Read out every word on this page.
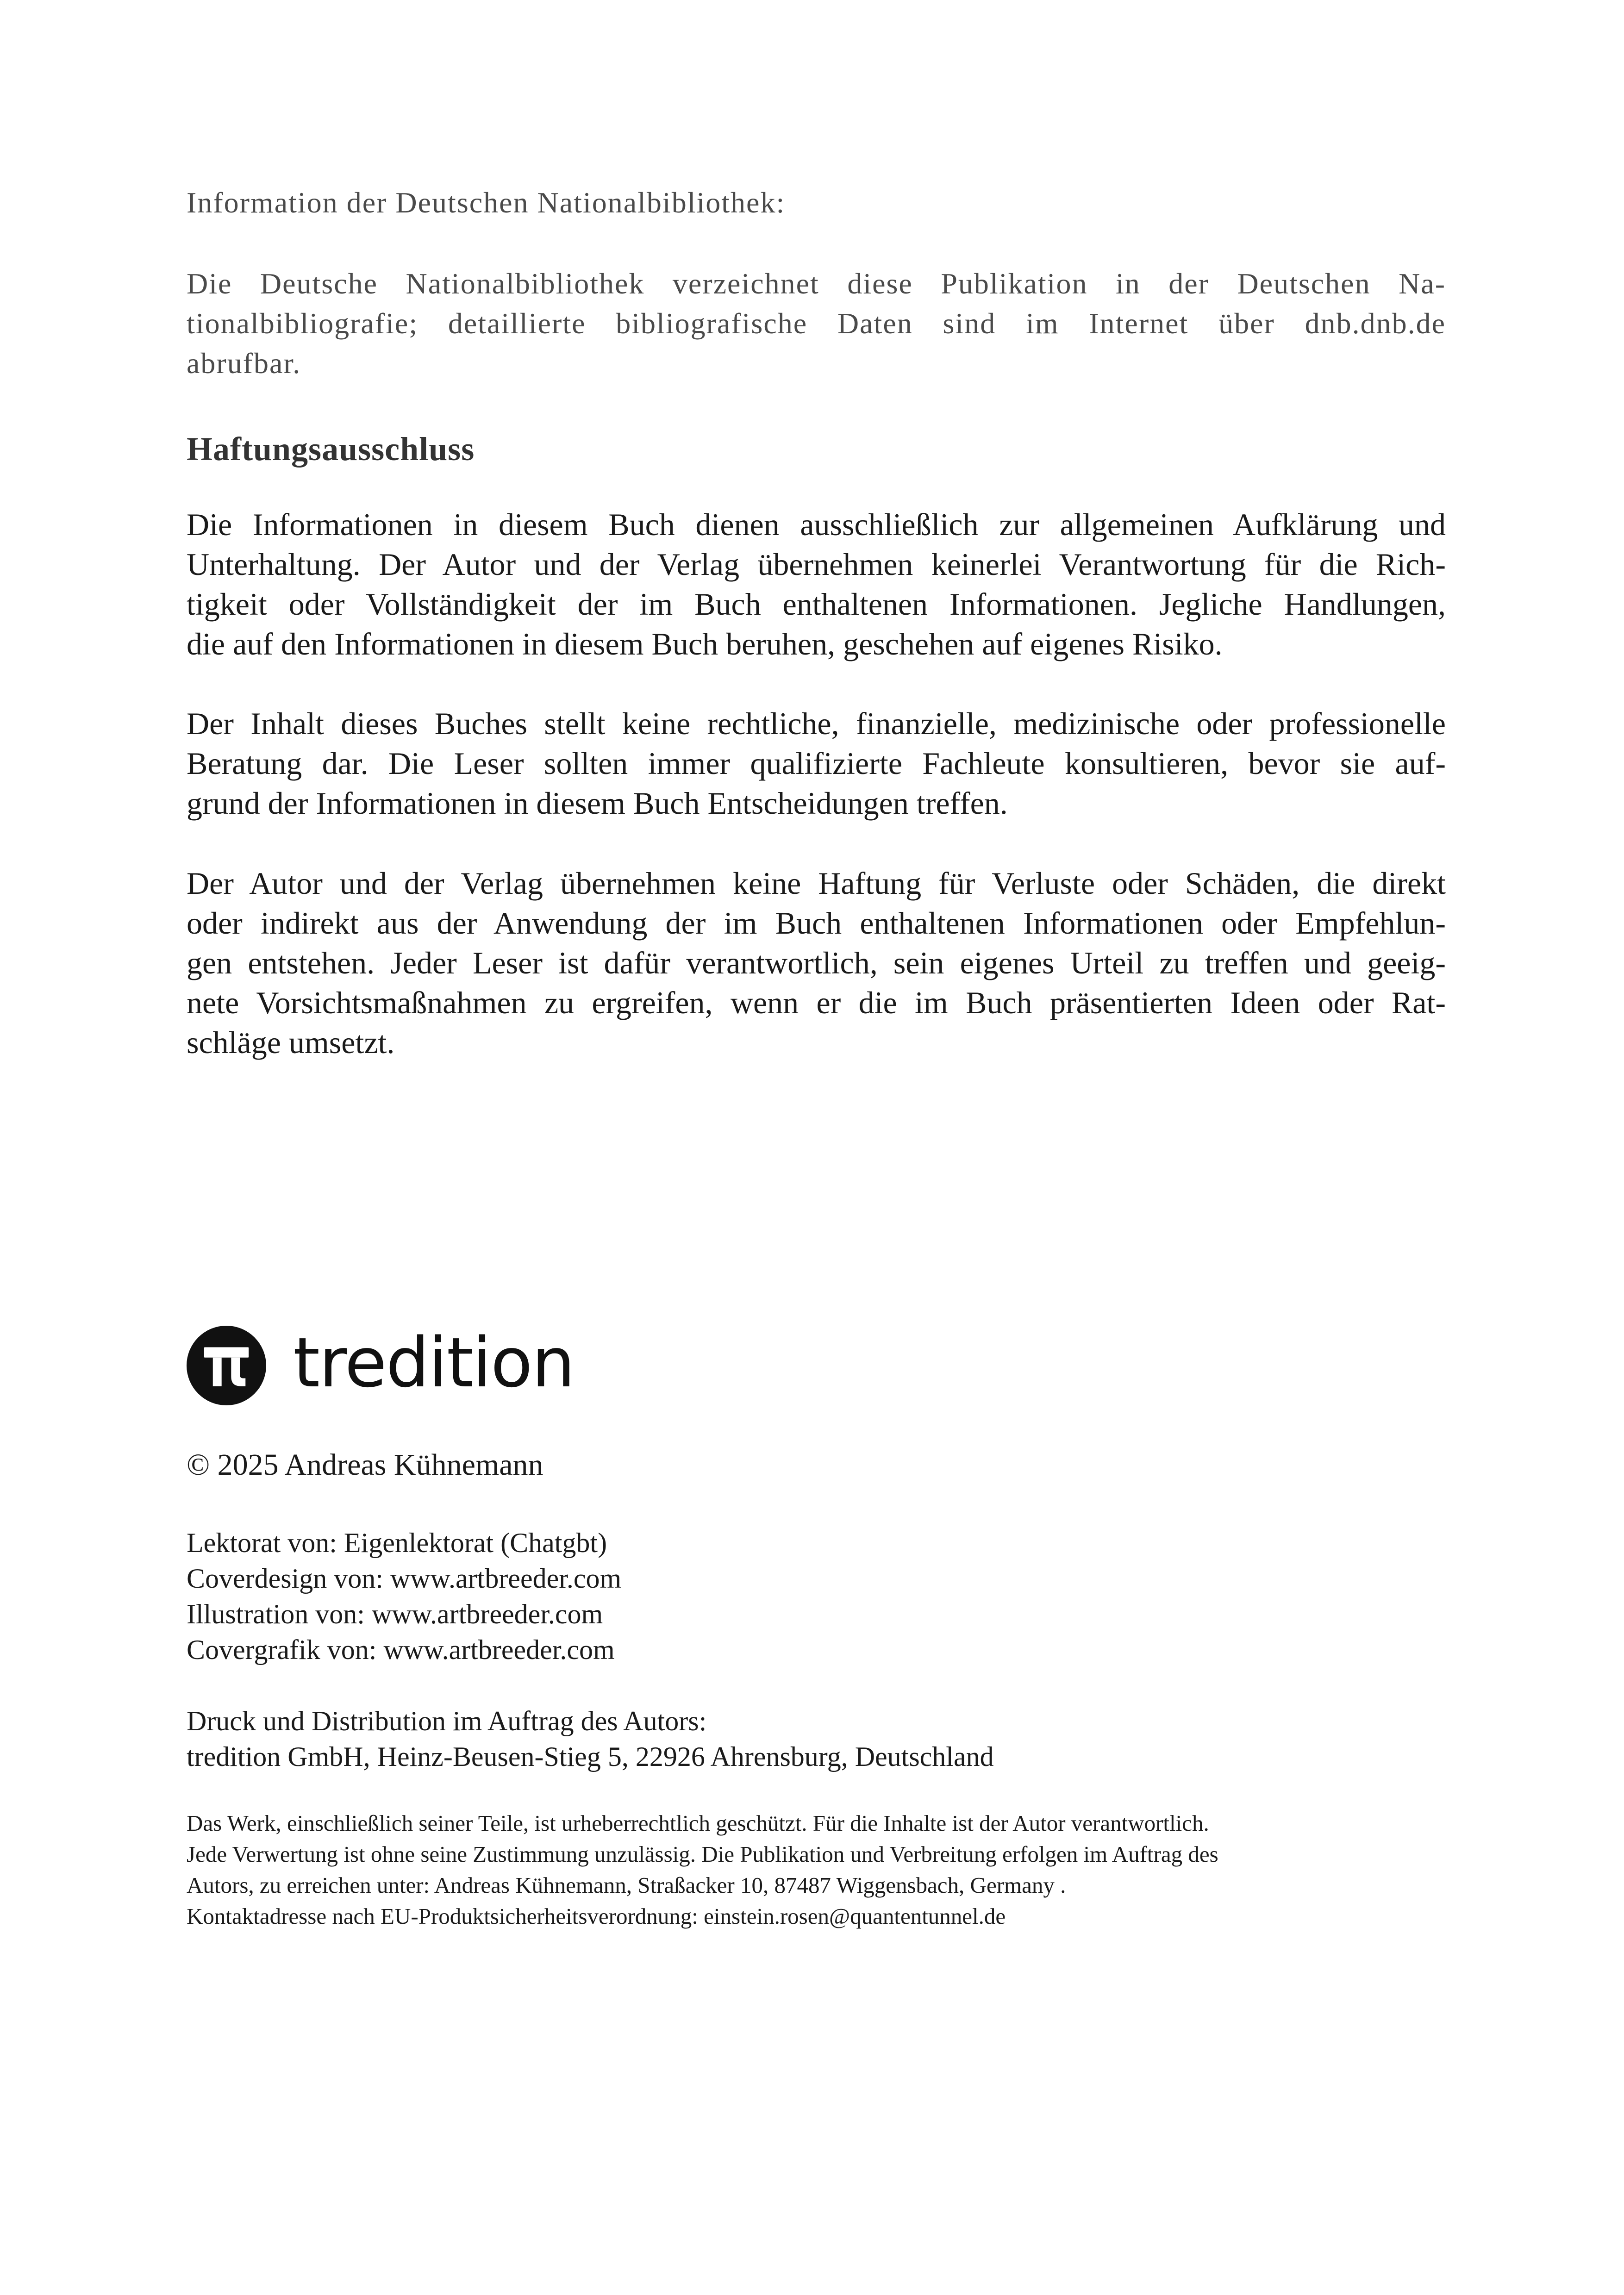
Information der Deutschen Nationalbibliothek:
Die Deutsche Nationalbibliothek verzeichnet diese Publikation in der Deutschen Na-
tionalbibliografie; detaillierte bibliografische Daten sind im Internet über dnb.dnb.de
abrufbar.
Haftungsausschluss
Die Informationen in diesem Buch dienen ausschließlich zur allgemeinen Aufklärung und
Unterhaltung. Der Autor und der Verlag übernehmen keinerlei Verantwortung für die Rich-
tigkeit oder Vollständigkeit der im Buch enthaltenen Informationen. Jegliche Handlungen,
die auf den Informationen in diesem Buch beruhen, geschehen auf eigenes Risiko.
Der Inhalt dieses Buches stellt keine rechtliche, finanzielle, medizinische oder professionelle
Beratung dar. Die Leser sollten immer qualifizierte Fachleute konsultieren, bevor sie auf-
grund der Informationen in diesem Buch Entscheidungen treffen.
Der Autor und der Verlag übernehmen keine Haftung für Verluste oder Schäden, die direkt
oder indirekt aus der Anwendung der im Buch enthaltenen Informationen oder Empfehlun-
gen entstehen. Jeder Leser ist dafür verantwortlich, sein eigenes Urteil zu treffen und geeig-
nete Vorsichtsmaßnahmen zu ergreifen, wenn er die im Buch präsentierten Ideen oder Rat-
schläge umsetzt.
tredition
© 2025 Andreas Kühnemann
Lektorat von: Eigenlektorat (Chatgbt)
Coverdesign von: www.artbreeder.com
Illustration von: www.artbreeder.com
Covergrafik von: www.artbreeder.com
Druck und Distribution im Auftrag des Autors:
tredition GmbH, Heinz-Beusen-Stieg 5, 22926 Ahrensburg, Deutschland
Das Werk, einschließlich seiner Teile, ist urheberrechtlich geschützt. Für die Inhalte ist der Autor verantwortlich.
Jede Verwertung ist ohne seine Zustimmung unzulässig. Die Publikation und Verbreitung erfolgen im Auftrag des
Autors, zu erreichen unter: Andreas Kühnemann, Straßacker 10, 87487 Wiggensbach, Germany .
Kontaktadresse nach EU-Produktsicherheitsverordnung: einstein.rosen@quantentunnel.de
